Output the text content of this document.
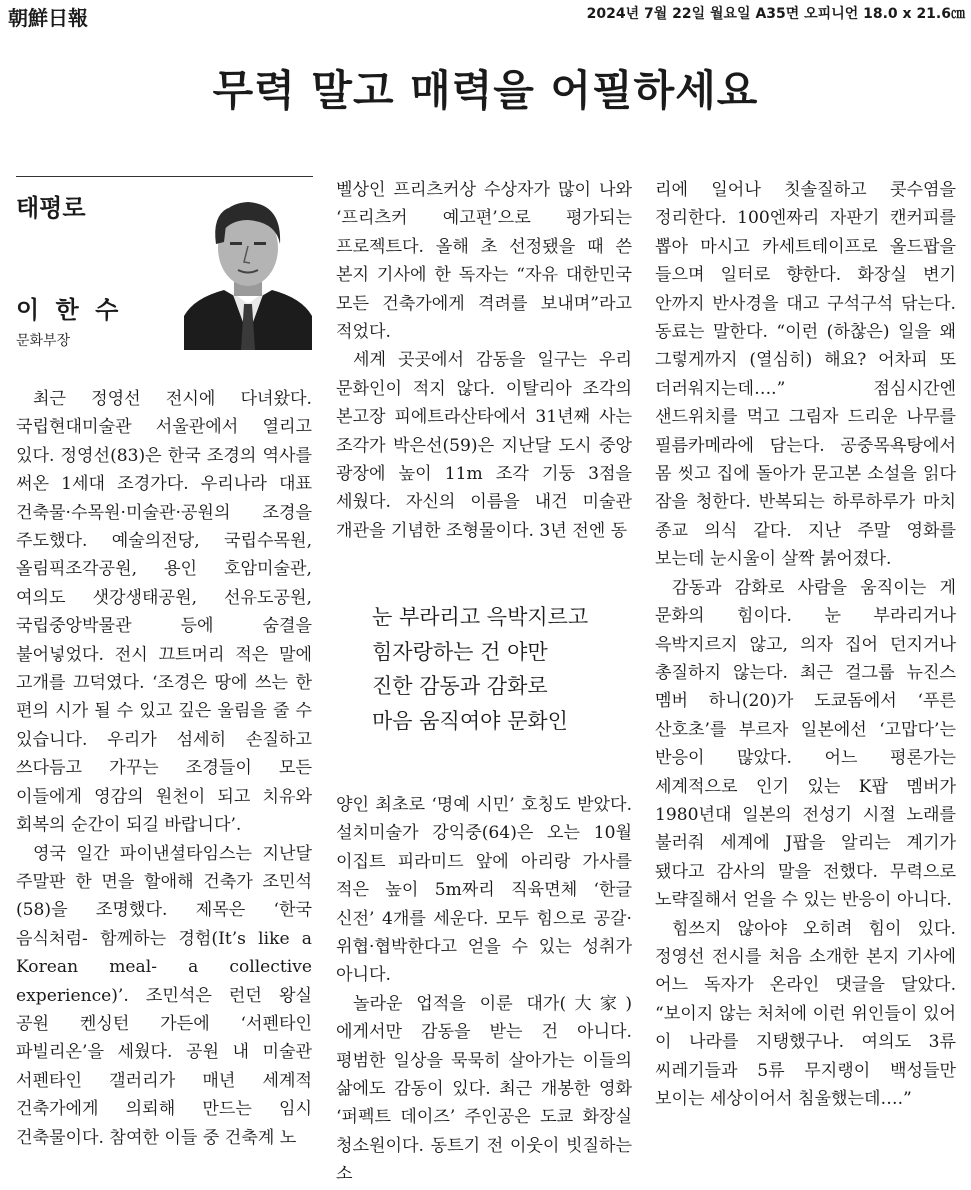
朝鮮日報	2024년 7월 22일 월요일 A35면 오피니언 18.0 x 21.6㎝
무력 말고 매력을 어필하세요
태평로
이 한 수
문화부장

최근 정영선 전시에 다녀왔다. 국립현대미술관 서울관에서 열리고 있다. 정영선(83)은 한국 조경의 역사를 써온 1세대 조경가다. 우리나라 대표 건축물·수목원·미술관·공원의 조경을 주도했다. 예술의전당, 국립수목원, 올림픽조각공원, 용인 호암미술관, 여의도 샛강생태공원, 선유도공원, 국립중앙박물관 등에 숨결을 불어넣었다. 전시 끄트머리 적은 말에 고개를 끄덕였다. ‘조경은 땅에 쓰는 한 편의 시가 될 수 있고 깊은 울림을 줄 수 있습니다. 우리가 섬세히 손질하고 쓰다듬고 가꾸는 조경들이 모든 이들에게 영감의 원천이 되고 치유와 회복의 순간이 되길 바랍니다’.

영국 일간 파이낸셜타임스는 지난달 주말판 한 면을 할애해 건축가 조민석(58)을 조명했다. 제목은 ‘한국 음식처럼- 함께하는 경험(It’s like a Korean meal- a collective experience)’. 조민석은 런던 왕실 공원 켄싱턴 가든에 ‘서펜타인 파빌리온’을 세웠다. 공원 내 미술관 서펜타인 갤러리가 매년 세계적 건축가에게 의뢰해 만드는 임시 건축물이다. 참여한 이들 중 건축계 노

벨상인 프리츠커상 수상자가 많이 나와 ‘프리츠커 예고편’으로 평가되는 프로젝트다. 올해 초 선정됐을 때 쓴 본지 기사에 한 독자는 “자유 대한민국 모든 건축가에게 격려를 보내며”라고 적었다.

세계 곳곳에서 감동을 일구는 우리 문화인이 적지 않다. 이탈리아 조각의 본고장 피에트라산타에서 31년째 사는 조각가 박은선(59)은 지난달 도시 중앙 광장에 높이 11m 조각 기둥 3점을 세웠다. 자신의 이름을 내건 미술관 개관을 기념한 조형물이다. 3년 전엔 동

눈 부라리고 윽박지르고
힘자랑하는 건 야만
진한 감동과 감화로
마음 움직여야 문화인

양인 최초로 ‘명예 시민’ 호칭도 받았다. 설치미술가 강익중(64)은 오는 10월 이집트 피라미드 앞에 아리랑 가사를 적은 높이 5m짜리 직육면체 ‘한글 신전’ 4개를 세운다. 모두 힘으로 공갈·위협·협박한다고 얻을 수 있는 성취가 아니다.

놀라운 업적을 이룬 대가(大家)에게서만 감동을 받는 건 아니다. 평범한 일상을 묵묵히 살아가는 이들의 삶에도 감동이 있다. 최근 개봉한 영화 ‘퍼펙트 데이즈’ 주인공은 도쿄 화장실 청소원이다. 동트기 전 이웃이 빗질하는 소

리에 일어나 칫솔질하고 콧수염을 정리한다. 100엔짜리 자판기 캔커피를 뽑아 마시고 카세트테이프로 올드팝을 들으며 일터로 향한다. 화장실 변기 안까지 반사경을 대고 구석구석 닦는다. 동료는 말한다. “이런 (하찮은) 일을 왜 그렇게까지 (열심히) 해요? 어차피 또 더러워지는데….” 점심시간엔 샌드위치를 먹고 그림자 드리운 나무를 필름카메라에 담는다. 공중목욕탕에서 몸 씻고 집에 돌아가 문고본 소설을 읽다 잠을 청한다. 반복되는 하루하루가 마치 종교 의식 같다. 지난 주말 영화를 보는데 눈시울이 살짝 붉어졌다.

감동과 감화로 사람을 움직이는 게 문화의 힘이다. 눈 부라리거나 윽박지르지 않고, 의자 집어 던지거나 총질하지 않는다. 최근 걸그룹 뉴진스 멤버 하니(20)가 도쿄돔에서 ‘푸른 산호초’를 부르자 일본에선 ‘고맙다’는 반응이 많았다. 어느 평론가는 세계적으로 인기 있는 K팝 멤버가 1980년대 일본의 전성기 시절 노래를 불러줘 세계에 J팝을 알리는 계기가 됐다고 감사의 말을 전했다. 무력으로 노략질해서 얻을 수 있는 반응이 아니다.

힘쓰지 않아야 오히려 힘이 있다. 정영선 전시를 처음 소개한 본지 기사에 어느 독자가 온라인 댓글을 달았다. “보이지 않는 처처에 이런 위인들이 있어 이 나라를 지탱했구나. 여의도 3류 씨레기들과 5류 무지랭이 백성들만 보이는 세상이어서 침울했는데….”
